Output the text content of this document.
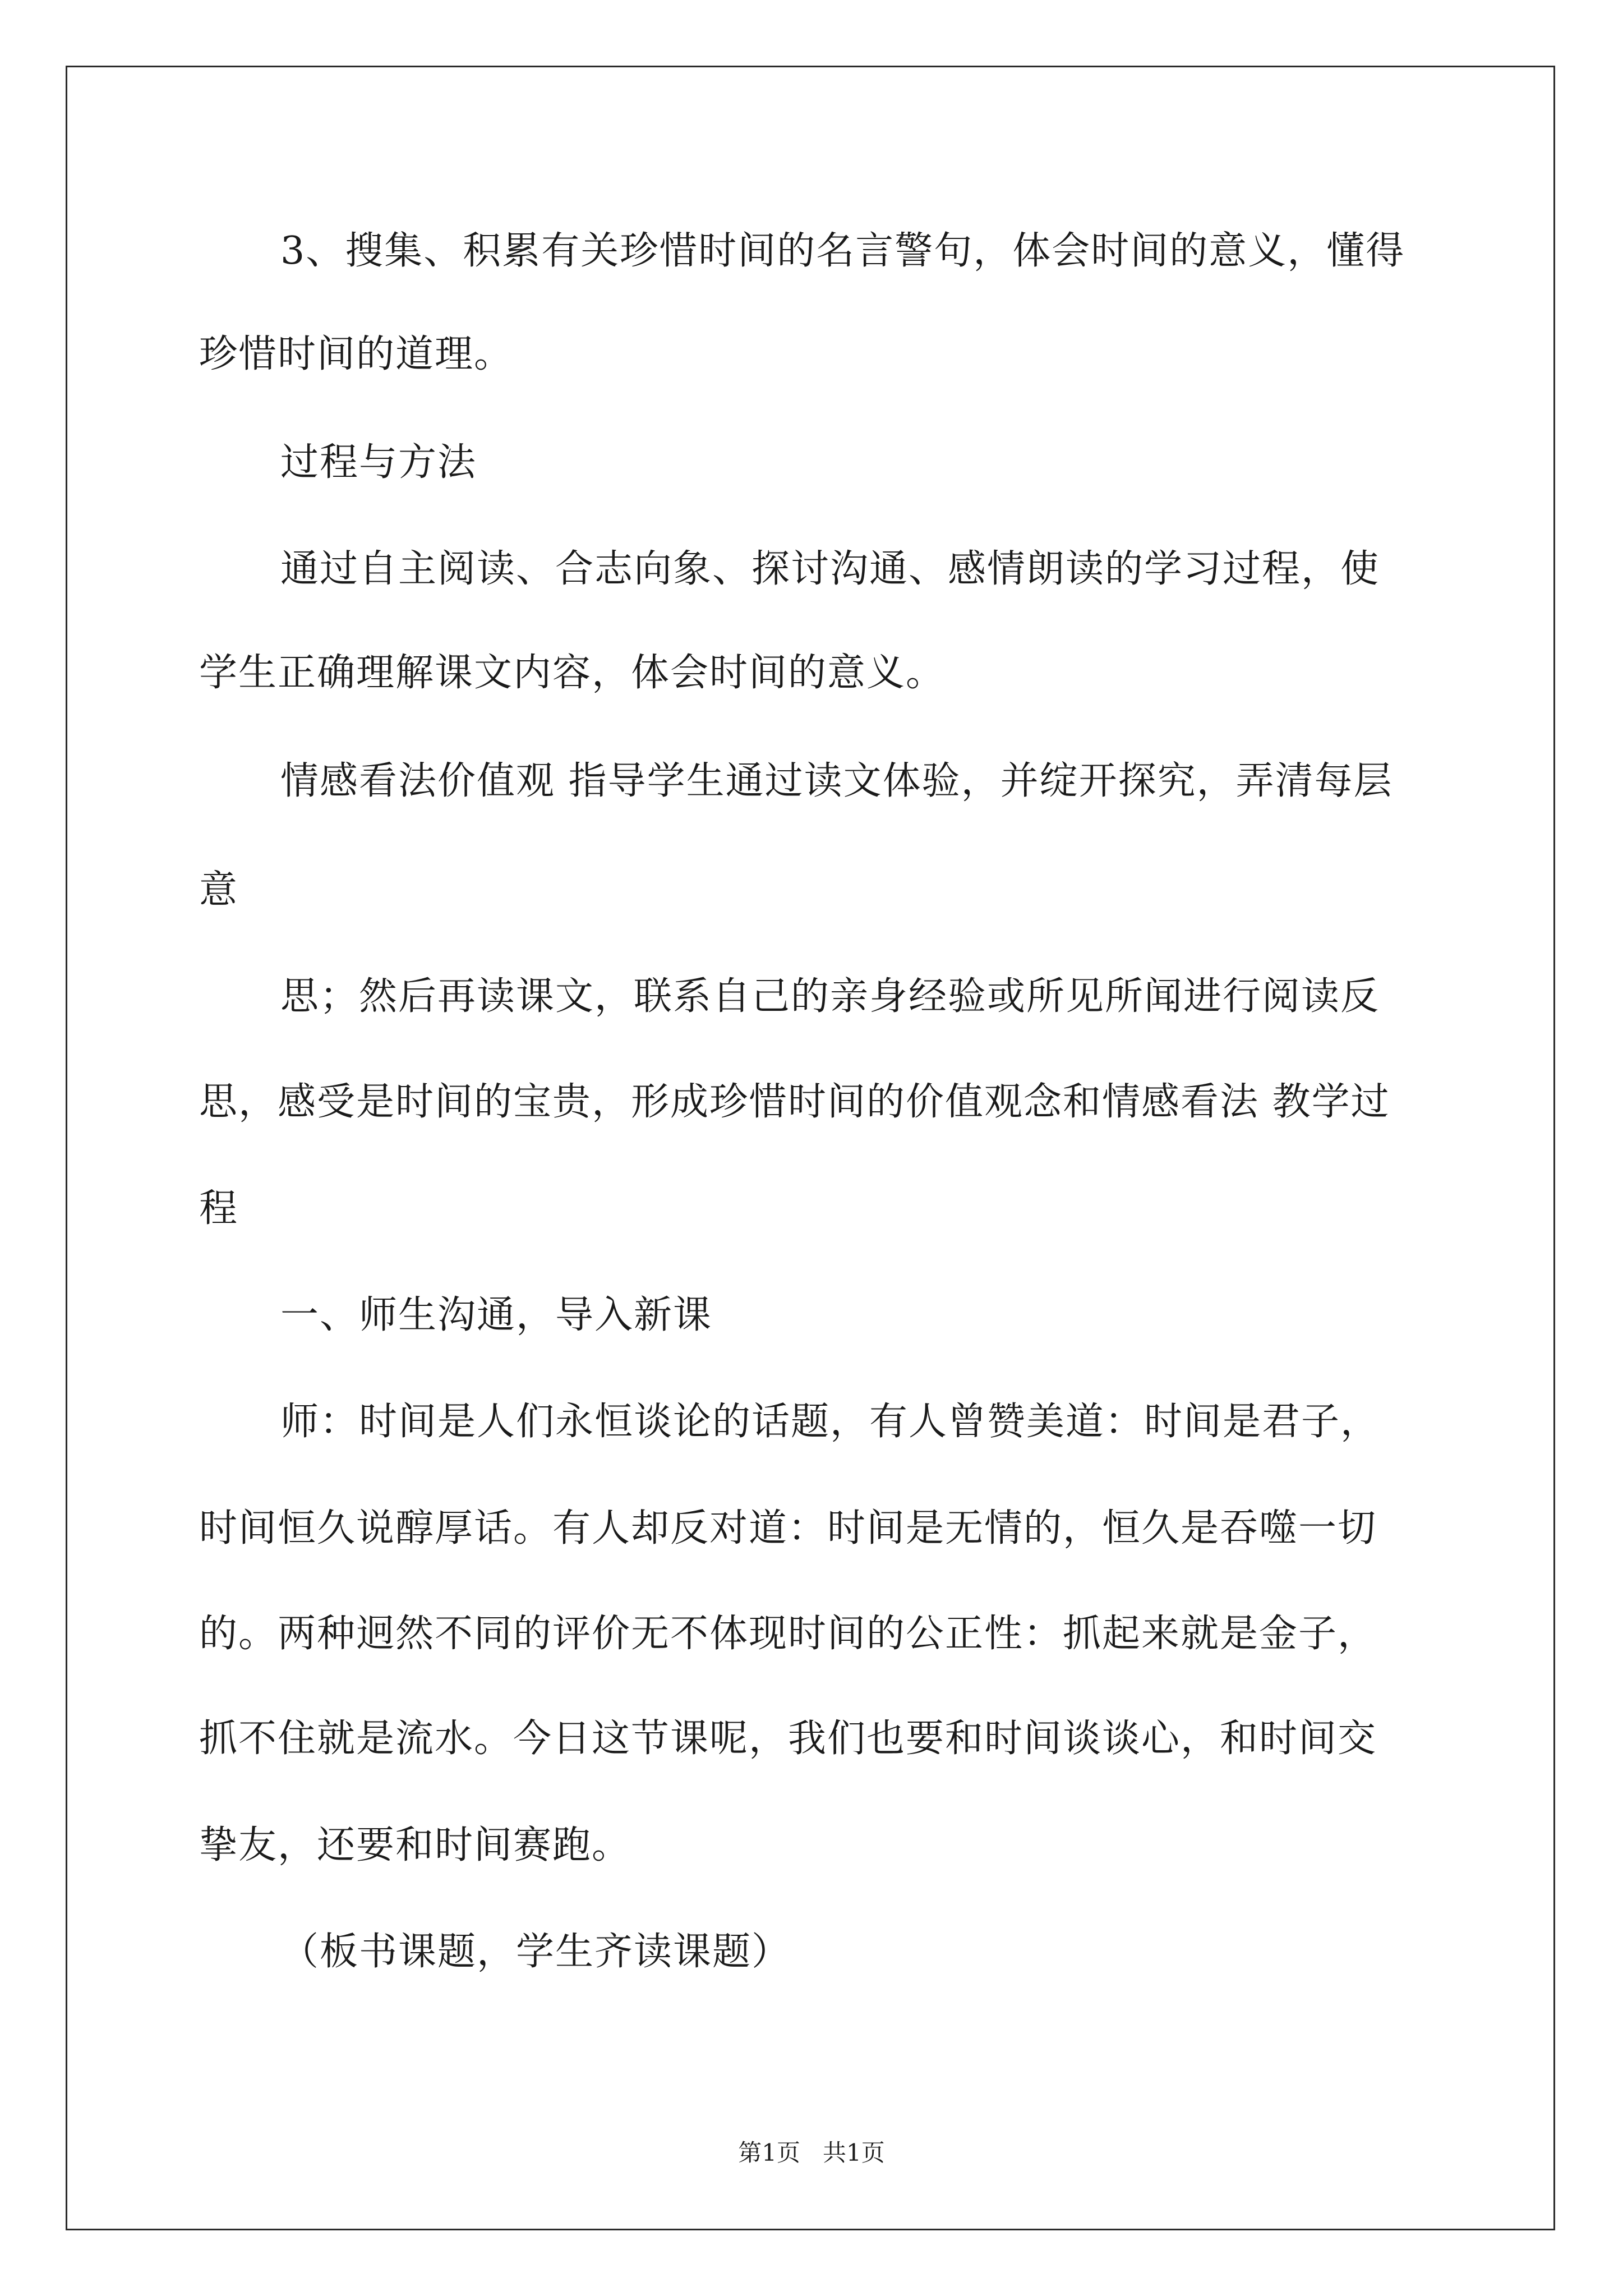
3、搜集、积累有关珍惜时间的名言警句，体会时间的意义，懂得
珍惜时间的道理。
过程与方法
通过自主阅读、合志向象、探讨沟通、感情朗读的学习过程，使
学生正确理解课文内容，体会时间的意义。
情感看法价值观 指导学生通过读文体验，并绽开探究，弄清每层
意
思；然后再读课文，联系自己的亲身经验或所见所闻进行阅读反
思，感受是时间的宝贵，形成珍惜时间的价值观念和情感看法 教学过
程
一、师生沟通，导入新课
师：时间是人们永恒谈论的话题，有人曾赞美道：时间是君子，
时间恒久说醇厚话。有人却反对道：时间是无情的，恒久是吞噬一切
的。两种迥然不同的评价无不体现时间的公正性：抓起来就是金子，
抓不住就是流水。今日这节课呢，我们也要和时间谈谈心，和时间交
挚友，还要和时间赛跑。
（板书课题，学生齐读课题）
第1页   共1页
